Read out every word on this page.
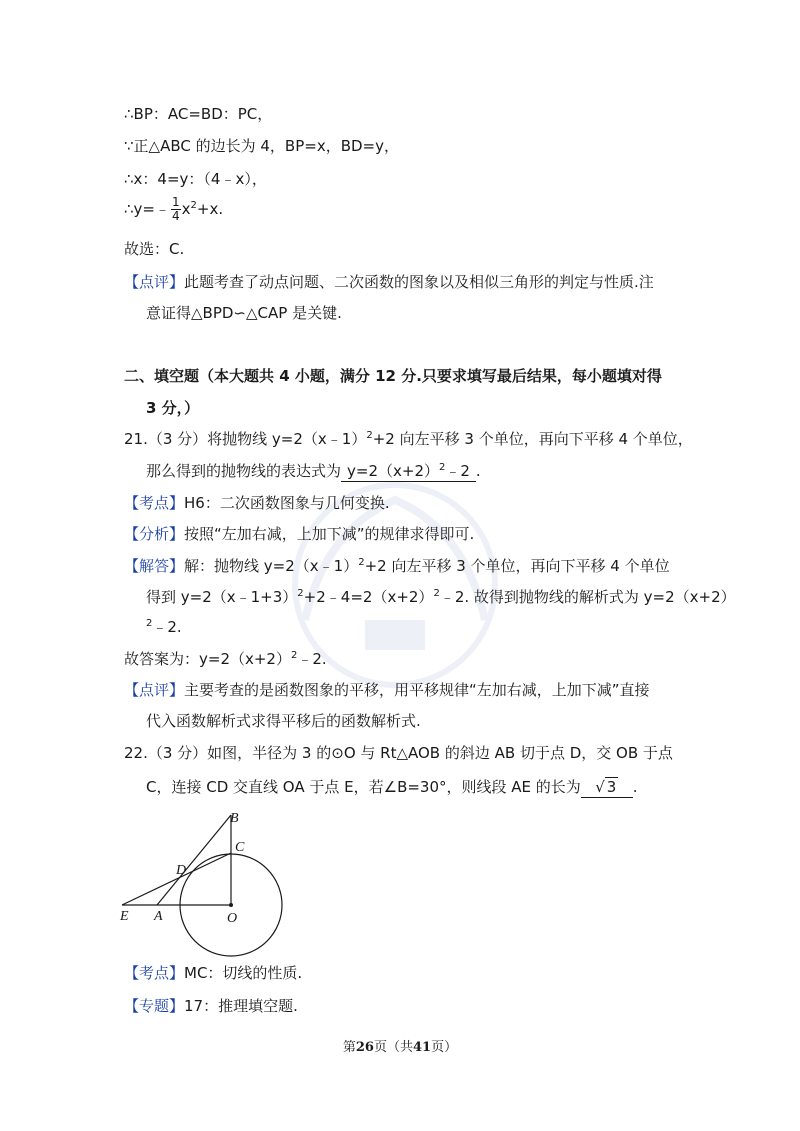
∴BP：AC=BD：PC，
∵正△ABC 的边长为 4，BP=x，BD=y，
∴x：4=y：（4﹣x），
∴y=﹣ $\frac{1}{4} x^2+x$.
故选：C.
【点评】此题考查了动点问题、二次函数的图象以及相似三角形的判定与性质.注
意证得△BPD∽△CAP 是关键.
二、填空题（本大题共 4 小题，满分 12 分.只要求填写最后结果，每小题填对得
3 分，）
21.（3 分）将抛物线 y=2（x﹣1）$^2$+2 向左平移 3 个单位，再向下平移 4 个单位，
那么得到的抛物线的表达式为 $y=2(x+2)^2﹣2$ .
【考点】H6：二次函数图象与几何变换.
【分析】按照“左加右减，上加下减”的规律求得即可.
【解答】解：抛物线 y=2（x﹣1）$^2$+2 向左平移 3 个单位，再向下平移 4 个单位
得到 $y=2(x﹣1+3)^2+2﹣4=2(x+2)^2﹣2$. 故得到抛物线的解析式为 y=2（x+2）
$^2$﹣2.
故答案为：$y=2(x+2)^2﹣2$.
【点评】主要考查的是函数图象的平移，用平移规律“左加右减，上加下减”直接
代入函数解析式求得平移后的函数解析式.
22.（3 分）如图，半径为 3 的⊙O 与 Rt△AOB 的斜边 AB 切于点 D，交 OB 于点
C，连接 CD 交直线 OA 于点 E，若∠B=30°，则线段 AE 的长为 √ 3 .
B
C
D
E A	O
【考点】MC：切线的性质.
【专题】17：推理填空题.
第26页（共41页）
